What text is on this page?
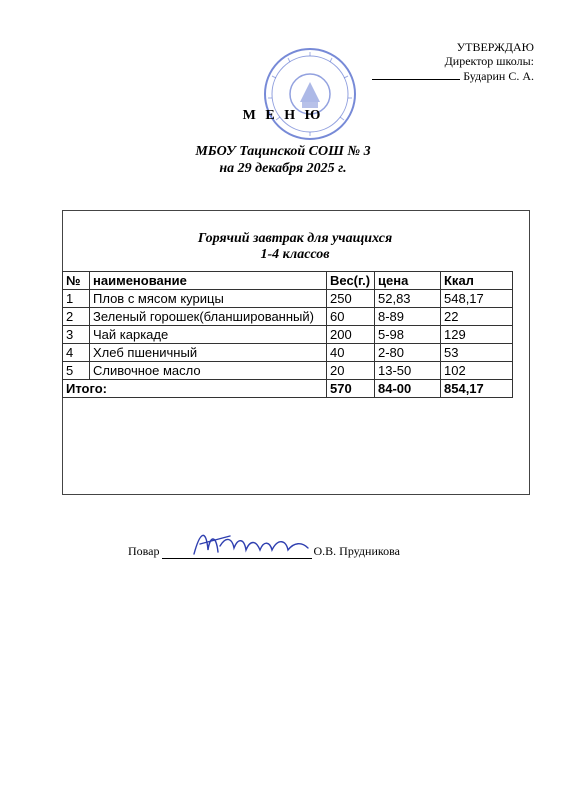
УТВЕРЖДАЮ
Директор школы:
Бударин С. А.
М Е Н Ю
МБОУ Тацинской СОШ № 3
на 29 декабря 2025 г.
Горячий завтрак для учащихся
1-4 классов
№	наименование	Вес(г.)	цена	Ккал
1	Плов с мясом курицы	250	52,83	548,17
2	Зеленый горошек(бланшированный)	60	8-89	22
3	Чай каркаде	200	5-98	129
4	Хлеб пшеничный	40	2-80	53
5	Сливочное масло	20	13-50	102
Итого:		570	84-00	854,17
Повар	О.В. Прудникова
